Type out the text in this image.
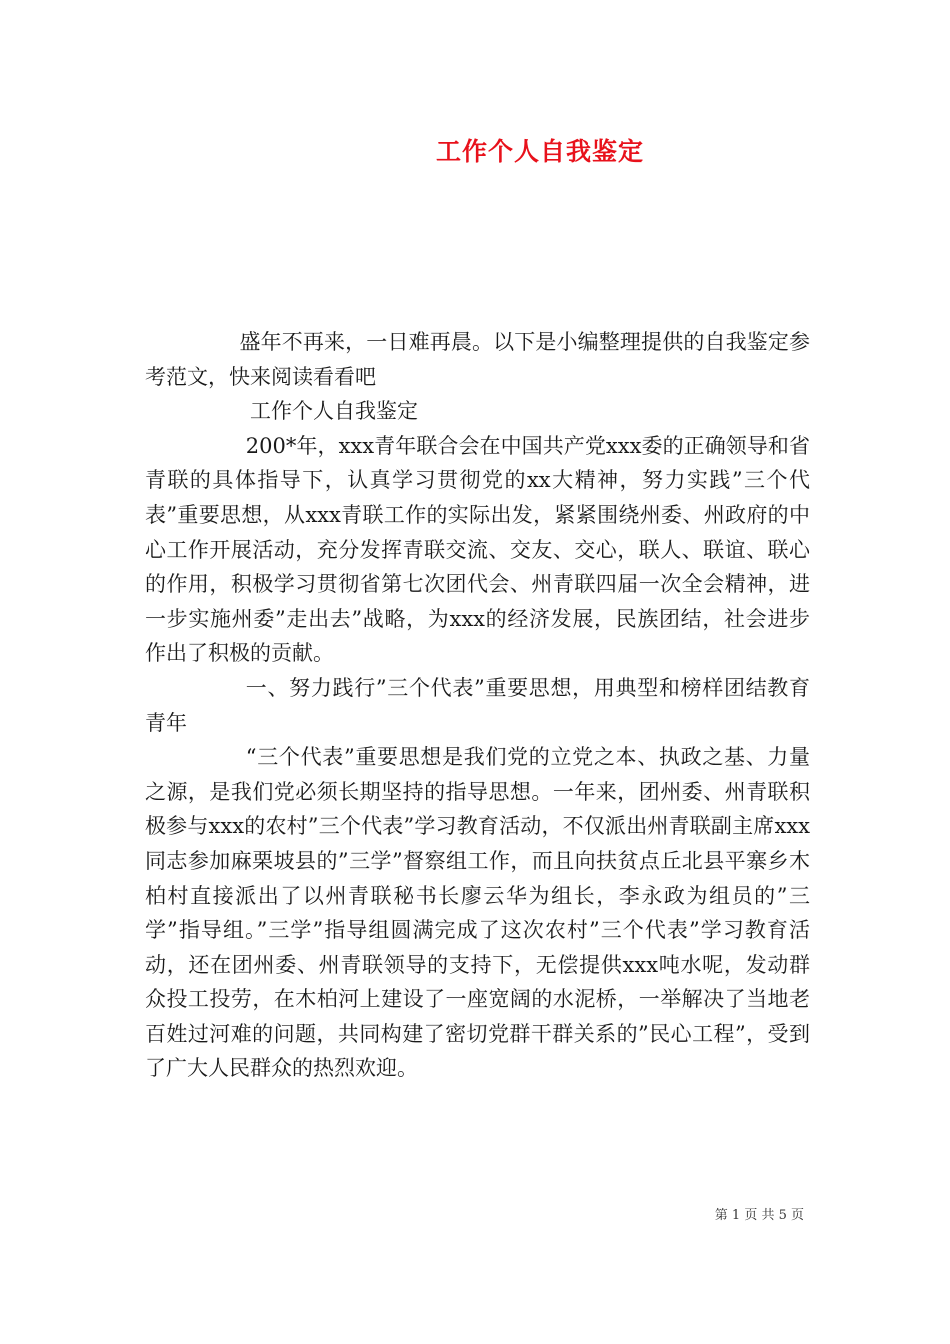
工作个人自我鉴定

盛年不再来，一日难再晨。以下是小编整理提供的自我鉴定参考范文，快来阅读看看吧

工作个人自我鉴定

200*年，xxx青年联合会在中国共产党xxx委的正确领导和省青联的具体指导下，认真学习贯彻党的xx大精神，努力实践”三个代表”重要思想，从xxx青联工作的实际出发，紧紧围绕州委、州政府的中心工作开展活动，充分发挥青联交流、交友、交心，联人、联谊、联心的作用，积极学习贯彻省第七次团代会、州青联四届一次全会精神，进一步实施州委”走出去”战略，为xxx的经济发展，民族团结，社会进步作出了积极的贡献。

一、努力践行”三个代表”重要思想，用典型和榜样团结教育青年

“三个代表”重要思想是我们党的立党之本、执政之基、力量之源，是我们党必须长期坚持的指导思想。一年来，团州委、州青联积极参与xxx的农村”三个代表”学习教育活动，不仅派出州青联副主席xxx同志参加麻栗坡县的”三学”督察组工作，而且向扶贫点丘北县平寨乡木柏村直接派出了以州青联秘书长廖云华为组长，李永政为组员的”三学”指导组。”三学”指导组圆满完成了这次农村”三个代表”学习教育活动，还在团州委、州青联领导的支持下，无偿提供xxx吨水呢，发动群众投工投劳，在木柏河上建设了一座宽阔的水泥桥，一举解决了当地老百姓过河难的问题，共同构建了密切党群干群关系的”民心工程”，受到了广大人民群众的热烈欢迎。

第 1 页 共 5 页
